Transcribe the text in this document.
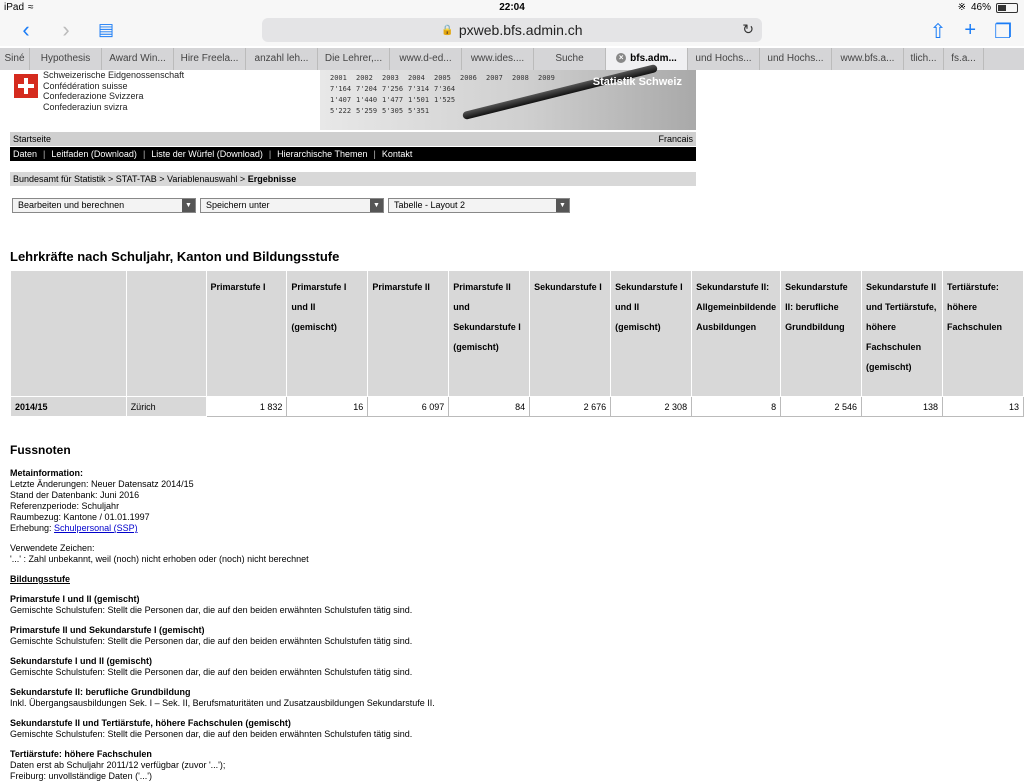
iPad ≈	22:04	※ 46%
‹	›	▤	🔒 pxweb.bfs.admin.ch	↻	⇧ + ❐
Siné	Hypothesis	Award Win...	Hire Freela...	anzahl leh...	Die Lehrer,...	www.d-ed...	www.ides....	Suche	× bfs.adm...	und Hochs...	und Hochs...	www.bfs.a...	tlich...	fs.a...
Schweizerische Eidgenossenschaft
Confédération suisse
Confederazione Svizzera
Confederaziun svizra
2001 2002 2003 2004 2005 2006 2007 2008 2009
7'164 7'204 7'256 7'314 7'364
1'407 1'440 1'477 1'501 1'525
5'222 5'259 5'305 5'351
Statistik Schweiz
Startseite	Francais
Daten | Leitfaden (Download) | Liste der Würfel (Download) | Hierarchische Themen | Kontakt
Bundesamt für Statistik > STAT-TAB > Variablenauswahl > Ergebnisse
Bearbeiten und berechnen	▼	Speichern unter	▼	Tabelle - Layout 2	▼
Lehrkräfte nach Schuljahr, Kanton und Bildungsstufe
		Primarstufe I	Primarstufe I und II (gemischt)	Primarstufe II	Primarstufe II und Sekundarstufe I (gemischt)	Sekundarstufe I	Sekundarstufe I und II (gemischt)	Sekundarstufe II: Allgemeinbildende Ausbildungen	Sekundarstufe II: berufliche Grundbildung	Sekundarstufe II und Tertiärstufe, höhere Fachschulen (gemischt)	Tertiärstufe: höhere Fachschulen
2014/15	Zürich	1 832	16	6 097	84	2 676	2 308	8	2 546	138	13
Fussnoten
Metainformation:
Letzte Änderungen: Neuer Datensatz 2014/15
Stand der Datenbank: Juni 2016
Referenzperiode: Schuljahr
Raumbezug: Kantone / 01.01.1997
Erhebung: Schulpersonal (SSP)
Verwendete Zeichen:
'...' : Zahl unbekannt, weil (noch) nicht erhoben oder (noch) nicht berechnet
Bildungsstufe
Primarstufe I und II (gemischt)
Gemischte Schulstufen: Stellt die Personen dar, die auf den beiden erwähnten Schulstufen tätig sind.
Primarstufe II und Sekundarstufe I (gemischt)
Gemischte Schulstufen: Stellt die Personen dar, die auf den beiden erwähnten Schulstufen tätig sind.
Sekundarstufe I und II (gemischt)
Gemischte Schulstufen: Stellt die Personen dar, die auf den beiden erwähnten Schulstufen tätig sind.
Sekundarstufe II: berufliche Grundbildung
Inkl. Übergangsausbildungen Sek. I – Sek. II, Berufsmaturitäten und Zusatzausbildungen Sekundarstufe II.
Sekundarstufe II und Tertiärstufe, höhere Fachschulen (gemischt)
Gemischte Schulstufen: Stellt die Personen dar, die auf den beiden erwähnten Schulstufen tätig sind.
Tertiärstufe: höhere Fachschulen
Daten erst ab Schuljahr 2011/12 verfügbar (zuvor '...');
Freiburg: unvollständige Daten ('...')
